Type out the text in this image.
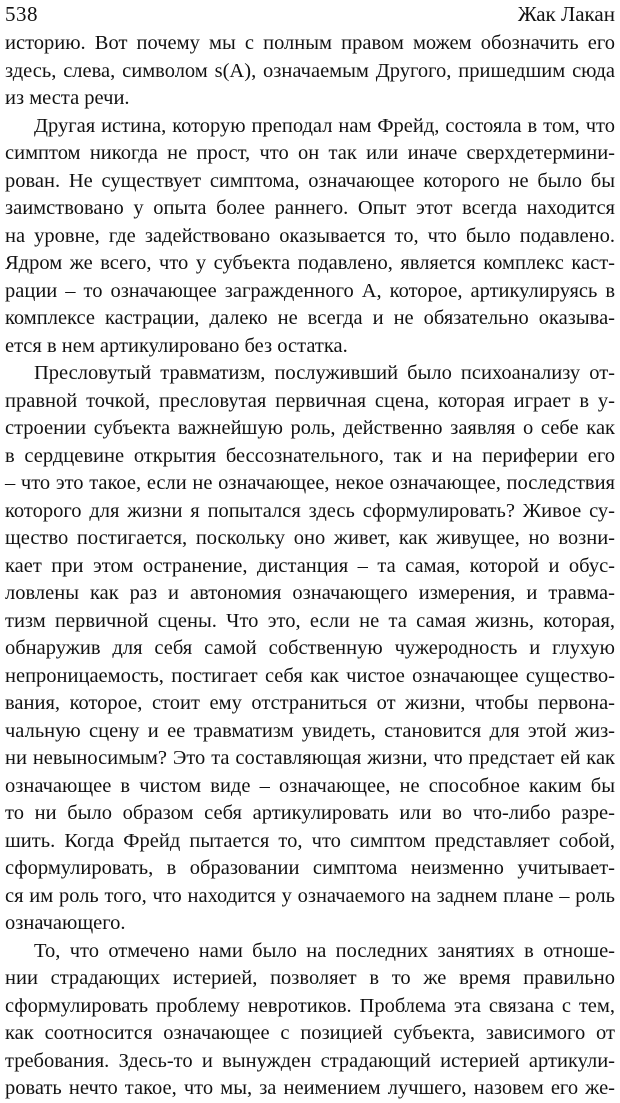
538	Жак Лакан
историю. Вот почему мы с полным правом можем обозначить его
здесь, слева, символом s(A), означаемым Другого, пришедшим сюда
из места речи.
Другая истина, которую преподал нам Фрейд, состояла в том, что
симптом никогда не прост, что он так или иначе сверхдетермини-
рован. Не существует симптома, означающее которого не было бы
заимствовано у опыта более раннего. Опыт этот всегда находится
на уровне, где задействовано оказывается то, что было подавлено.
Ядром же всего, что у субъекта подавлено, является комплекс каст-
рации – то означающее загражденного А, которое, артикулируясь в
комплексе кастрации, далеко не всегда и не обязательно оказыва-
ется в нем артикулировано без остатка.
Пресловутый травматизм, послуживший было психоанализу от-
правной точкой, пресловутая первичная сцена, которая играет в у-
строении субъекта важнейшую роль, действенно заявляя о себе как
в сердцевине открытия бессознательного, так и на периферии его
– что это такое, если не означающее, некое означающее, последствия
которого для жизни я попытался здесь сформулировать? Живое су-
щество постигается, поскольку оно живет, как живущее, но возни-
кает при этом остранение, дистанция – та самая, которой и обус-
ловлены как раз и автономия означающего измерения, и травма-
тизм первичной сцены. Что это, если не та самая жизнь, которая,
обнаружив для себя самой собственную чужеродность и глухую
непроницаемость, постигает себя как чистое означающее существо-
вания, которое, стоит ему отстраниться от жизни, чтобы первона-
чальную сцену и ее травматизм увидеть, становится для этой жиз-
ни невыносимым? Это та составляющая жизни, что предстает ей как
означающее в чистом виде – означающее, не способное каким бы
то ни было образом себя артикулировать или во что-либо разре-
шить. Когда Фрейд пытается то, что симптом представляет собой,
сформулировать, в образовании симптома неизменно учитывает-
ся им роль того, что находится у означаемого на заднем плане – роль
означающего.
То, что отмечено нами было на последних занятиях в отноше-
нии страдающих истерией, позволяет в то же время правильно
сформулировать проблему невротиков. Проблема эта связана с тем,
как соотносится означающее с позицией субъекта, зависимого от
требования. Здесь-то и вынужден страдающий истерией артикули-
ровать нечто такое, что мы, за неимением лучшего, назовем его же-
